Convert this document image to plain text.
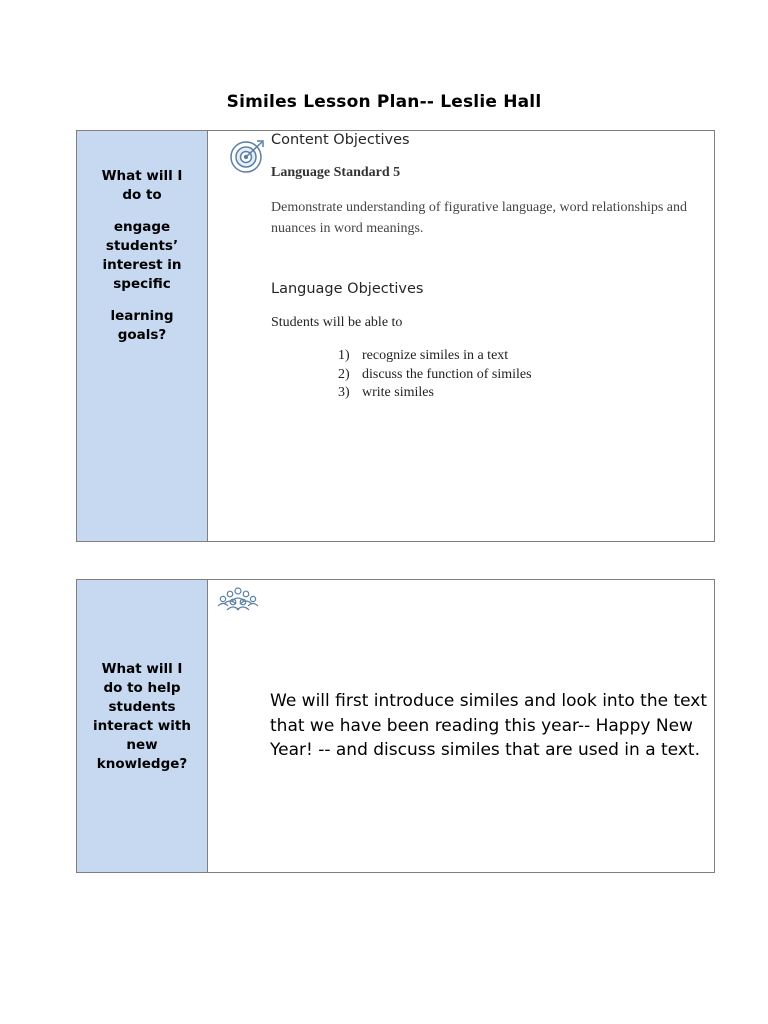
Similes Lesson Plan-- Leslie Hall

What will I

do to

engage

students’

interest in

specific

learning

goals?

Content Objectives
Language Standard 5
Demonstrate understanding of figurative language, word relationships and nuances in word meanings.
Language Objectives
Students will be able to
1) recognize similes in a text
2) discuss the function of similes
3) write similes

What will I

do to help

students

interact with

new

knowledge?

We will first introduce similes and look into the text that we have been reading this year-- Happy New Year! -- and discuss similes that are used in a text.
